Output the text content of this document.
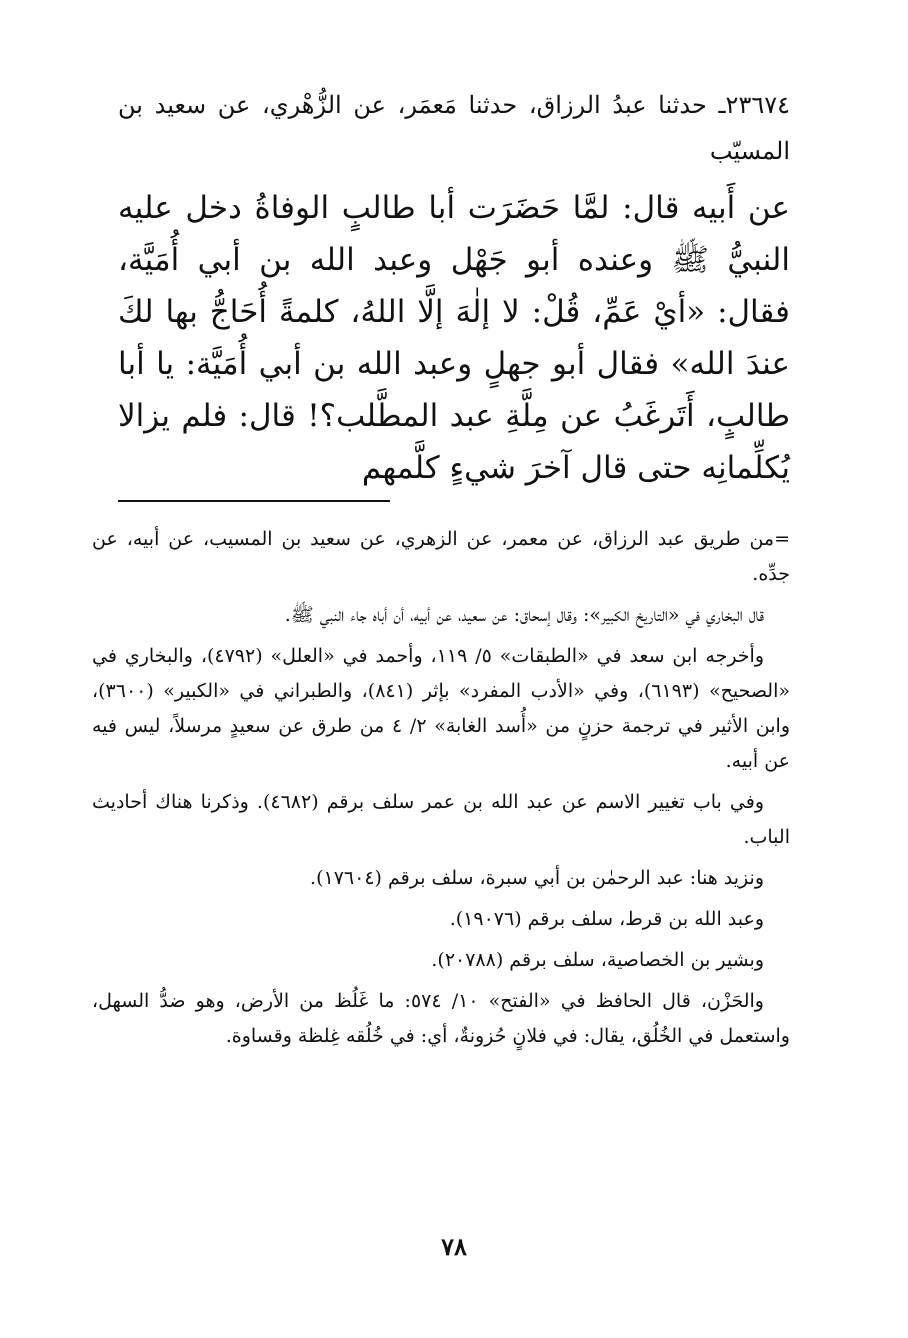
٢٣٦٧٤ـ حدثنا عبدُ الرزاق، حدثنا مَعمَر، عن الزُّهْري، عن سعيد بن المسيّب

عن أَبيه قال: لمَّا حَضَرَت أبا طالبٍ الوفاةُ دخل عليه النبيُّ ﷺ وعنده أبو جَهْل وعبد الله بن أبي أُمَيَّة، فقال: «أيْ عَمِّ، قُلْ: لا إلٰهَ إلَّا اللهُ، كلمةً أُحَاجُّ بها لكَ عندَ الله» فقال أبو جهلٍ وعبد الله بن أبي أُمَيَّة: يا أبا طالبٍ، أَتَرغَبُ عن مِلَّةِ عبد المطَّلب؟! قال: فلم يزالا يُكلِّمانِه حتى قال آخرَ شيءٍ كلَّمهم

=من طريق عبد الرزاق، عن معمر، عن الزهري، عن سعيد بن المسيب، عن أبيه، عن جدِّه.

قال البخاري في «التاريخ الكبير»: وقال إسحاق: عن سعيد، عن أبيه، أن أباه جاء النبي ﷺ.

وأخرجه ابن سعد في «الطبقات» ٥/ ١١٩، وأحمد في «العلل» (٤٧٩٢)، والبخاري في «الصحيح» (٦١٩٣)، وفي «الأدب المفرد» بإثر (٨٤١)، والطبراني في «الكبير» (٣٦٠٠)، وابن الأثير في ترجمة حزنٍ من «أُسد الغابة» ٢/ ٤ من طرق عن سعيدٍ مرسلاً، ليس فيه عن أبيه.

وفي باب تغيير الاسم عن عبد الله بن عمر سلف برقم (٤٦٨٢). وذكرنا هناك أحاديث الباب.

ونزيد هنا: عبد الرحمٰن بن أبي سبرة، سلف برقم (١٧٦٠٤).

وعبد الله بن قرط، سلف برقم (١٩٠٧٦).

وبشير بن الخصاصية، سلف برقم (٢٠٧٨٨).

والحَزْن، قال الحافظ في «الفتح» ١٠/ ٥٧٤: ما غَلُظ من الأرض، وهو ضدُّ السهل، واستعمل في الخُلُق، يقال: في فلانٍ حُزونةٌ، أي: في خُلُقه غِلظة وقساوة.

٧٨
